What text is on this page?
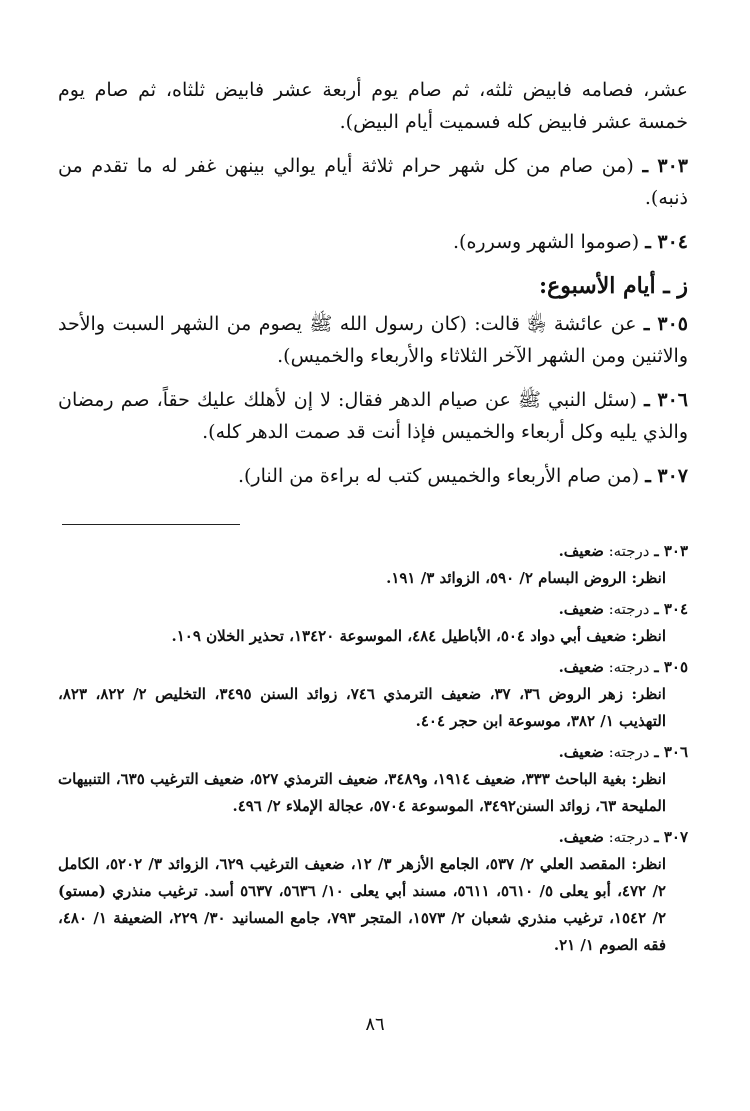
عشر، فصامه فابيض ثلثه، ثم صام يوم أربعة عشر فابيض ثلثاه، ثم صام يوم خمسة عشر فابيض كله فسميت أيام البيض).

٣٠٣ ـ (من صام من كل شهر حرام ثلاثة أيام يوالي بينهن غفر له ما تقدم من ذنبه).

٣٠٤ ـ (صوموا الشهر وسرره).

ز ـ أيام الأسبوع:

٣٠٥ ـ عن عائشة ﵂ قالت: (كان رسول الله ﷺ يصوم من الشهر السبت والأحد والاثنين ومن الشهر الآخر الثلاثاء والأربعاء والخميس).

٣٠٦ ـ (سئل النبي ﷺ عن صيام الدهر فقال: لا إن لأهلك عليك حقاً، صم رمضان والذي يليه وكل أربعاء والخميس فإذا أنت قد صمت الدهر كله).

٣٠٧ ـ (من صام الأربعاء والخميس كتب له براءة من النار).

٣٠٣ ـ درجته: ضعيف.

انظر: الروض البسام ٢/ ٥٩٠، الزوائد ٣/ ١٩١.

٣٠٤ ـ درجته: ضعيف.

انظر: ضعيف أبي دواد ٥٠٤، الأباطيل ٤٨٤، الموسوعة ١٣٤٢٠، تحذير الخلان ١٠٩.

٣٠٥ ـ درجته: ضعيف.

انظر: زهر الروض ٣٦، ٣٧، ضعيف الترمذي ٧٤٦، زوائد السنن ٣٤٩٥، التخليص ٢/ ٨٢٢، ٨٢٣، التهذيب ١/ ٣٨٢، موسوعة ابن حجر ٤٠٤.

٣٠٦ ـ درجته: ضعيف.

انظر: بغية الباحث ٣٣٣، ضعيف ١٩١٤، و٣٤٨٩، ضعيف الترمذي ٥٢٧، ضعيف الترغيب ٦٣٥، التنبيهات المليحة ٦٣، زوائد السنن٣٤٩٢، الموسوعة ٥٧٠٤، عجالة الإملاء ٢/ ٤٩٦.

٣٠٧ ـ درجته: ضعيف.

انظر: المقصد العلي ٢/ ٥٣٧، الجامع الأزهر ٣/ ١٢، ضعيف الترغيب ٦٢٩، الزوائد ٣/ ٥٢٠٢، الكامل ٢/ ٤٧٢، أبو يعلى ٥/ ٥٦١٠، ٥٦١١، مسند أبي يعلى ١٠/ ٥٦٣٦، ٥٦٣٧ أسد. ترغيب منذري (مستو) ٢/ ١٥٤٢، ترغيب منذري شعبان ٢/ ١٥٧٣، المتجر ٧٩٣، جامع المسانيد ٣٠/ ٢٢٩، الضعيفة ١/ ٤٨٠، فقه الصوم ١/ ٢١.

٨٦
